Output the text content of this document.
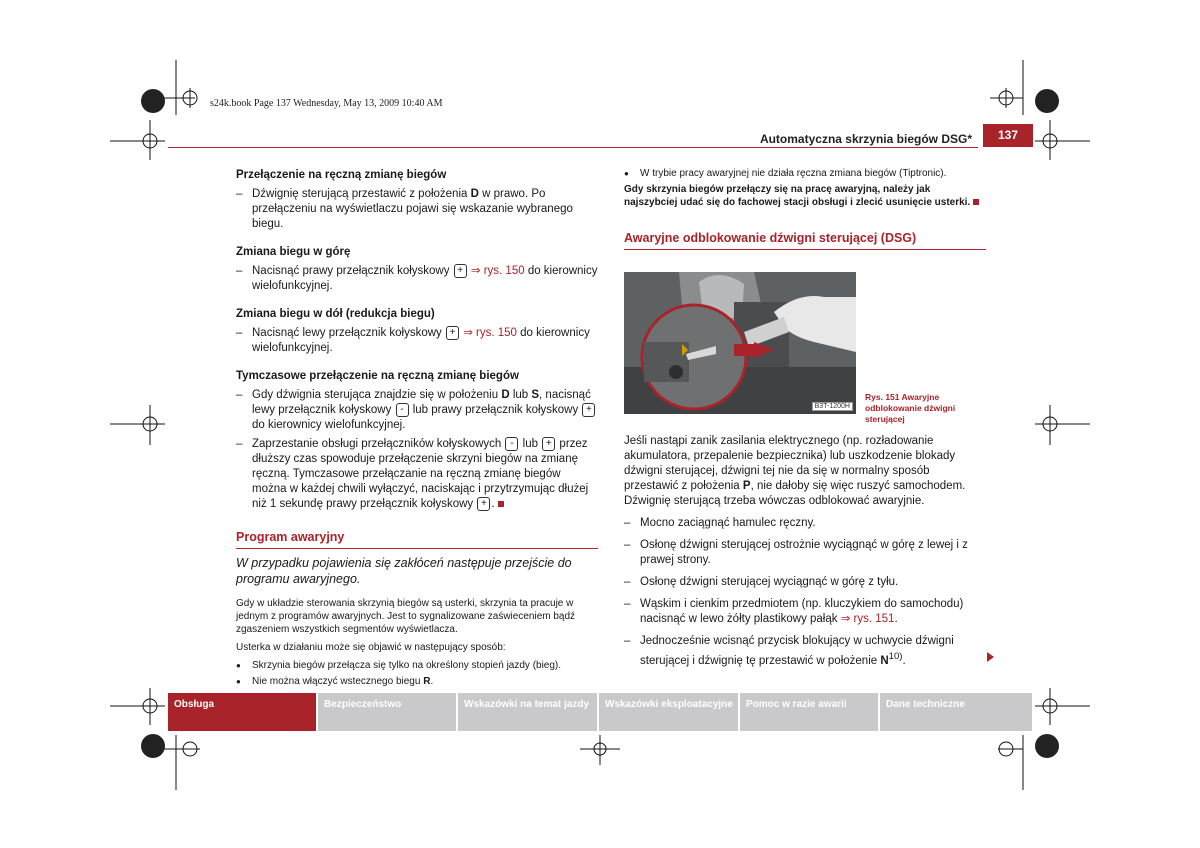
s24k.book Page 137 Wednesday, May 13, 2009 10:40 AM
Automatyczna skrzynia biegów DSG*	137

Przełączenie na ręczną zmianę biegów

– Dźwignię sterującą przestawić z położenia D w prawo. Po przełączeniu na wyświetlaczu pojawi się wskazanie wybranego biegu.

Zmiana biegu w górę

– Nacisnąć prawy przełącznik kołyskowy + ⇒ rys. 150 do kierownicy wielofunkcyjnej.

Zmiana biegu w dół (redukcja biegu)

– Nacisnąć lewy przełącznik kołyskowy + ⇒ rys. 150 do kierownicy wielofunkcyjnej.

Tymczasowe przełączenie na ręczną zmianę biegów

– Gdy dźwignia sterująca znajdzie się w położeniu D lub S, nacisnąć lewy przełącznik kołyskowy - lub prawy przełącznik kołyskowy + do kierownicy wielofunkcyjnej.

– Zaprzestanie obsługi przełączników kołyskowych - lub + przez dłuższy czas spowoduje przełączenie skrzyni biegów na zmianę ręczną. Tymczasowe przełączanie na ręczną zmianę biegów można w każdej chwili wyłączyć, naciskając i przytrzymując dłużej niż 1 sekundę prawy przełącznik kołyskowy + .

Program awaryjny

W przypadku pojawienia się zakłóceń następuje przejście do programu awaryjnego.

Gdy w układzie sterowania skrzynią biegów są usterki, skrzynia ta pracuje w jednym z programów awaryjnych. Jest to sygnalizowane zaświeceniem bądź zgaszeniem wszystkich segmentów wyświetlacza.

Usterka w działaniu może się objawić w następujący sposób:

● Skrzynia biegów przełącza się tylko na określony stopień jazdy (bieg).

● Nie można włączyć wstecznego biegu R.

● W trybie pracy awaryjnej nie działa ręczna zmiana biegów (Tiptronic).

Gdy skrzynia biegów przełączy się na pracę awaryjną, należy jak najszybciej udać się do fachowej stacji obsługi i zlecić usunięcie usterki.

Awaryjne odblokowanie dźwigni sterującej (DSG)

B3T-1200H
Rys. 151 Awaryjne odblokowanie dźwigni sterującej

Jeśli nastąpi zanik zasilania elektrycznego (np. rozładowanie akumulatora, przepalenie bezpiecznika) lub uszkodzenie blokady dźwigni sterującej, dźwigni tej nie da się w normalny sposób przestawić z położenia P, nie dałoby się więc ruszyć samochodem. Dźwignię sterującą trzeba wówczas odblokować awaryjnie.

– Mocno zaciągnąć hamulec ręczny.

– Osłonę dźwigni sterującej ostrożnie wyciągnąć w górę z lewej i z prawej strony.

– Osłonę dźwigni sterującej wyciągnąć w górę z tyłu.

– Wąskim i cienkim przedmiotem (np. kluczykiem do samochodu) nacisnąć w lewo żółty plastikowy pałąk ⇒ rys. 151.

– Jednocześnie wcisnąć przycisk blokujący w uchwycie dźwigni sterującej i dźwignię tę przestawić w położenie $N^{10)}$.

Obsługa	Bezpieczeństwo	Wskazówki na temat jazdy	Wskazówki eksploatacyjne	Pomoc w razie awarii	Dane techniczne
